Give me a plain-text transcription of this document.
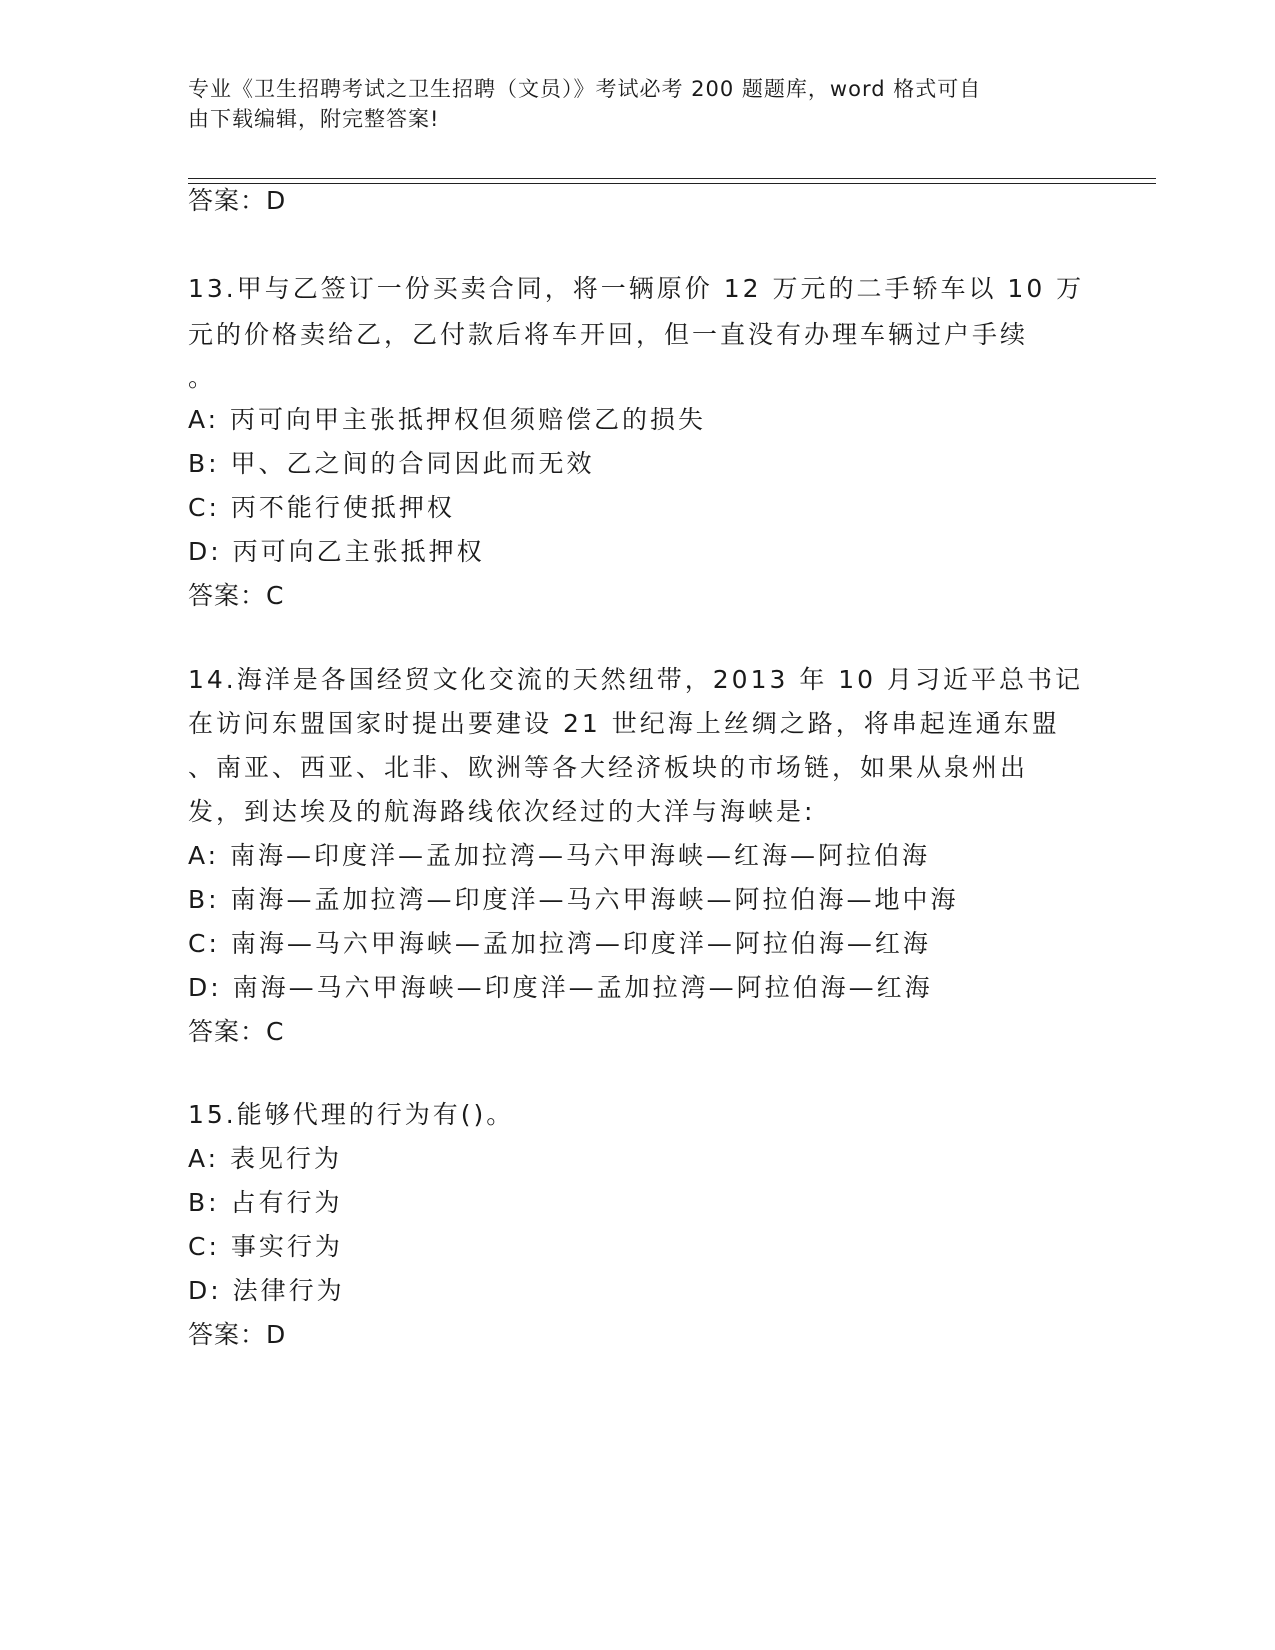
专业《卫生招聘考试之卫生招聘（文员）》考试必考 200 题题库，word 格式可自
由下载编辑，附完整答案!
答案：D
13.甲与乙签订一份买卖合同，将一辆原价 12 万元的二手轿车以 10 万
元的价格卖给乙，乙付款后将车开回，但一直没有办理车辆过户手续
。
A: 丙可向甲主张抵押权但须赔偿乙的损失
B: 甲、乙之间的合同因此而无效
C: 丙不能行使抵押权
D: 丙可向乙主张抵押权
答案：C
14.海洋是各国经贸文化交流的天然纽带，2013 年 10 月习近平总书记
在访问东盟国家时提出要建设 21 世纪海上丝绸之路，将串起连通东盟
、南亚、西亚、北非、欧洲等各大经济板块的市场链，如果从泉州出
发，到达埃及的航海路线依次经过的大洋与海峡是:
A: 南海—印度洋—孟加拉湾—马六甲海峡—红海—阿拉伯海
B: 南海—孟加拉湾—印度洋—马六甲海峡—阿拉伯海—地中海
C: 南海—马六甲海峡—孟加拉湾—印度洋—阿拉伯海—红海
D: 南海—马六甲海峡—印度洋—孟加拉湾—阿拉伯海—红海
答案：C
15.能够代理的行为有()。
A: 表见行为
B: 占有行为
C: 事实行为
D: 法律行为
答案：D
